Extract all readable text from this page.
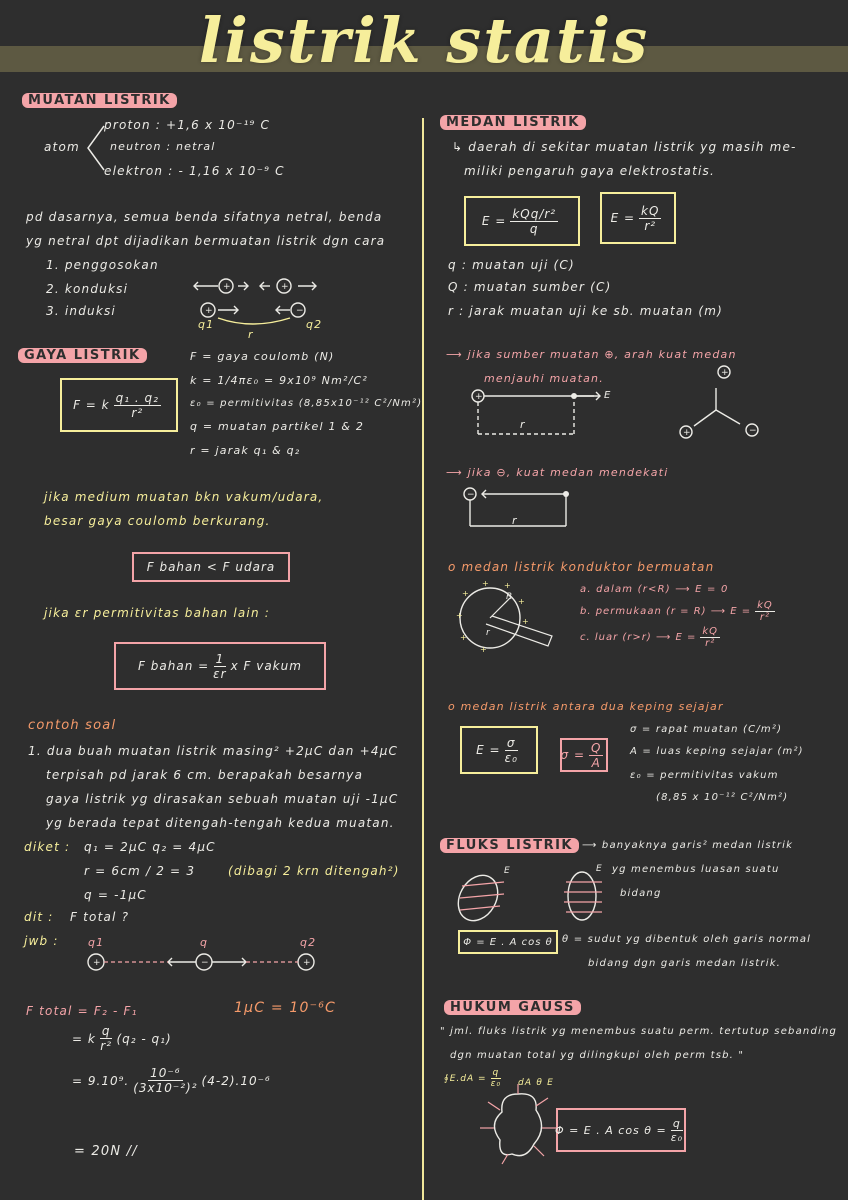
listrik statis
MUATAN LISTRIK
atom
proton : +1,6 x 10⁻¹⁹ C
neutron : netral
elektron : - 1,16 x 10⁻⁹ C
pd dasarnya, semua benda sifatnya netral, benda
yg netral dpt dijadikan bermuatan listrik dgn cara
1. penggosokan
2. konduksi
3. induksi
+	+
+	−
q1
r
q2
GAYA LISTRIK
F = k $\frac{\text{q₁ . q₂}}{\text{r²}}$
F = gaya coulomb (N)
k = 1/4πε₀ = 9x10⁹ Nm²/C²
ε₀ = permitivitas (8,85x10⁻¹² C²/Nm²)
q = muatan partikel 1 & 2
r = jarak q₁ & q₂
jika medium muatan bkn vakum/udara,
besar gaya coulomb berkurang.
F bahan < F udara
jika εr permitivitas bahan lain :
F bahan = $\frac{1}{\varepsilon r}$ x F vakum
contoh soal
1. dua buah muatan listrik masing² +2µC dan +4µC
terpisah pd jarak 6 cm. berapakah besarnya
gaya listrik yg dirasakan sebuah muatan uji -1µC
yg berada tepat ditengah-tengah kedua muatan.
diket : q₁ = 2µC q₂ = 4µC
r = 6cm / 2 = 3	(dibagi 2 krn ditengah²)
q = -1µC
dit : F total ?
jwb :	q1	q	q2
+	−	+
F total = F₂ - F₁	1µC = 10⁻⁶C
= k $\frac{q}{\text{r²}} (q_2 - q_1)$
= 9.10⁹. $\frac{\text{10⁻⁶}}{\text{(3x10⁻²)²}} (4-2).10^{-6}$
= 20N //
MEDAN LISTRIK
↳ daerah di sekitar muatan listrik yg masih me-
miliki pengaruh gaya elektrostatis.
$E = \frac{\text{kQq/r²}}{q}$	$E = \frac{kQ}{\text{r²}}$
q : muatan uji (C)
Q : muatan sumber (C)
r : jarak muatan uji ke sb. muatan (m)
⟶ jika sumber muatan ⊕, arah kuat medan
menjauhi muatan.
+
+
+	−
E
r
⟶ jika ⊖, kuat medan mendekati
−
r
o medan listrik konduktor bermuatan
+
+
+ +
+
+
+
+
R
r
a. dalam (r<R) ⟶ E = 0
b. permukaan (r = R) ⟶ $E = \frac{kQ}{\text{r²}}$
c. luar (r>r) ⟶ $E = \frac{kQ}{\text{r²}}$
o medan listrik antara dua keping sejajar
$E = \frac{\sigma}{\text{ε₀}}$	$\sigma = \frac{Q}{A}$
σ = rapat muatan (C/m²)
A = luas keping sejajar (m²)
ε₀ = permitivitas vakum
(8,85 x 10⁻¹² C²/Nm²)
FLUKS LISTRIK ⟶ banyaknya garis² medan listrik
yg menembus luasan suatu
bidang
E	E
Φ = E . A cos θ θ = sudut yg dibentuk oleh garis normal
bidang dgn garis medan listrik.
HUKUM GAUSS
" jml. fluks listrik yg menembus suatu perm. tertutup sebanding
dgn muatan total yg dilingkupi oleh perm tsb. "
∮E.dA = $\frac{q}{\text{ε₀}}$ dA θ E
Φ = E . A $\cos \theta = \frac{q}{\text{ε₀}}$
